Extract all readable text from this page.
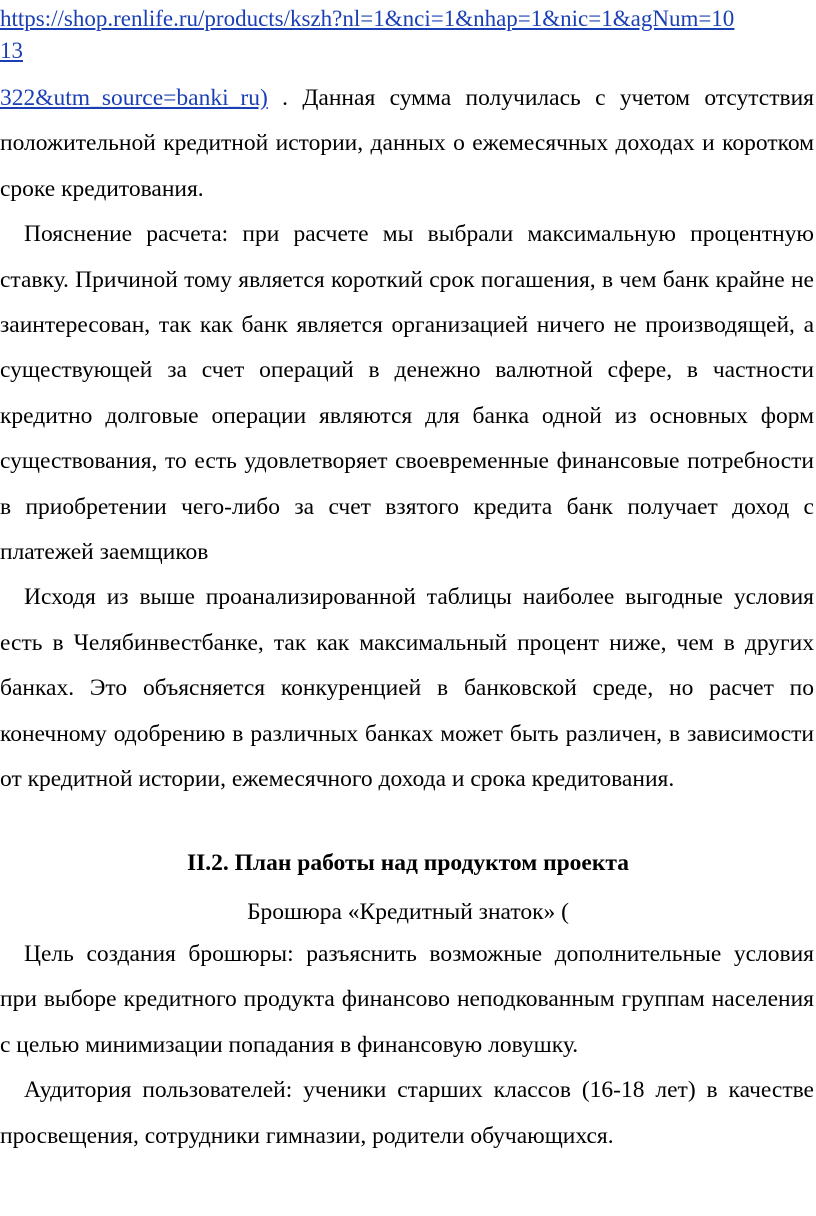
https://shop.renlife.ru/products/kszh?nl=1&nci=1&nhap=1&nic=1&agNum=10
13

322&utm_source=banki_ru) . Данная сумма получилась с учетом отсутствия положительной кредитной истории, данных о ежемесячных доходах и коротком сроке кредитования.

Пояснение расчета: при расчете мы выбрали максимальную процентную ставку. Причиной тому является короткий срок погашения, в чем банк крайне не заинтересован, так как банк является организацией ничего не производящей, а существующей за счет операций в денежно валютной сфере, в частности кредитно долговые операции являются для банка одной из основных форм существования, то есть удовлетворяет своевременные финансовые потребности в приобретении чего-либо за счет взятого кредита банк получает доход с платежей заемщиков

Исходя из выше проанализированной таблицы наиболее выгодные условия есть в Челябинвестбанке, так как максимальный процент ниже, чем в других банках. Это объясняется конкуренцией в банковской среде, но расчет по конечному одобрению в различных банках может быть различен, в зависимости от кредитной истории, ежемесячного дохода и срока кредитования.

II.2. План работы над продуктом проекта
Брошюра «Кредитный знаток» (

Цель создания брошюры: разъяснить возможные дополнительные условия при выборе кредитного продукта финансово неподкованным группам населения с целью минимизации попадания в финансовую ловушку.

Аудитория пользователей: ученики старших классов (16-18 лет) в качестве просвещения, сотрудники гимназии, родители обучающихся.
